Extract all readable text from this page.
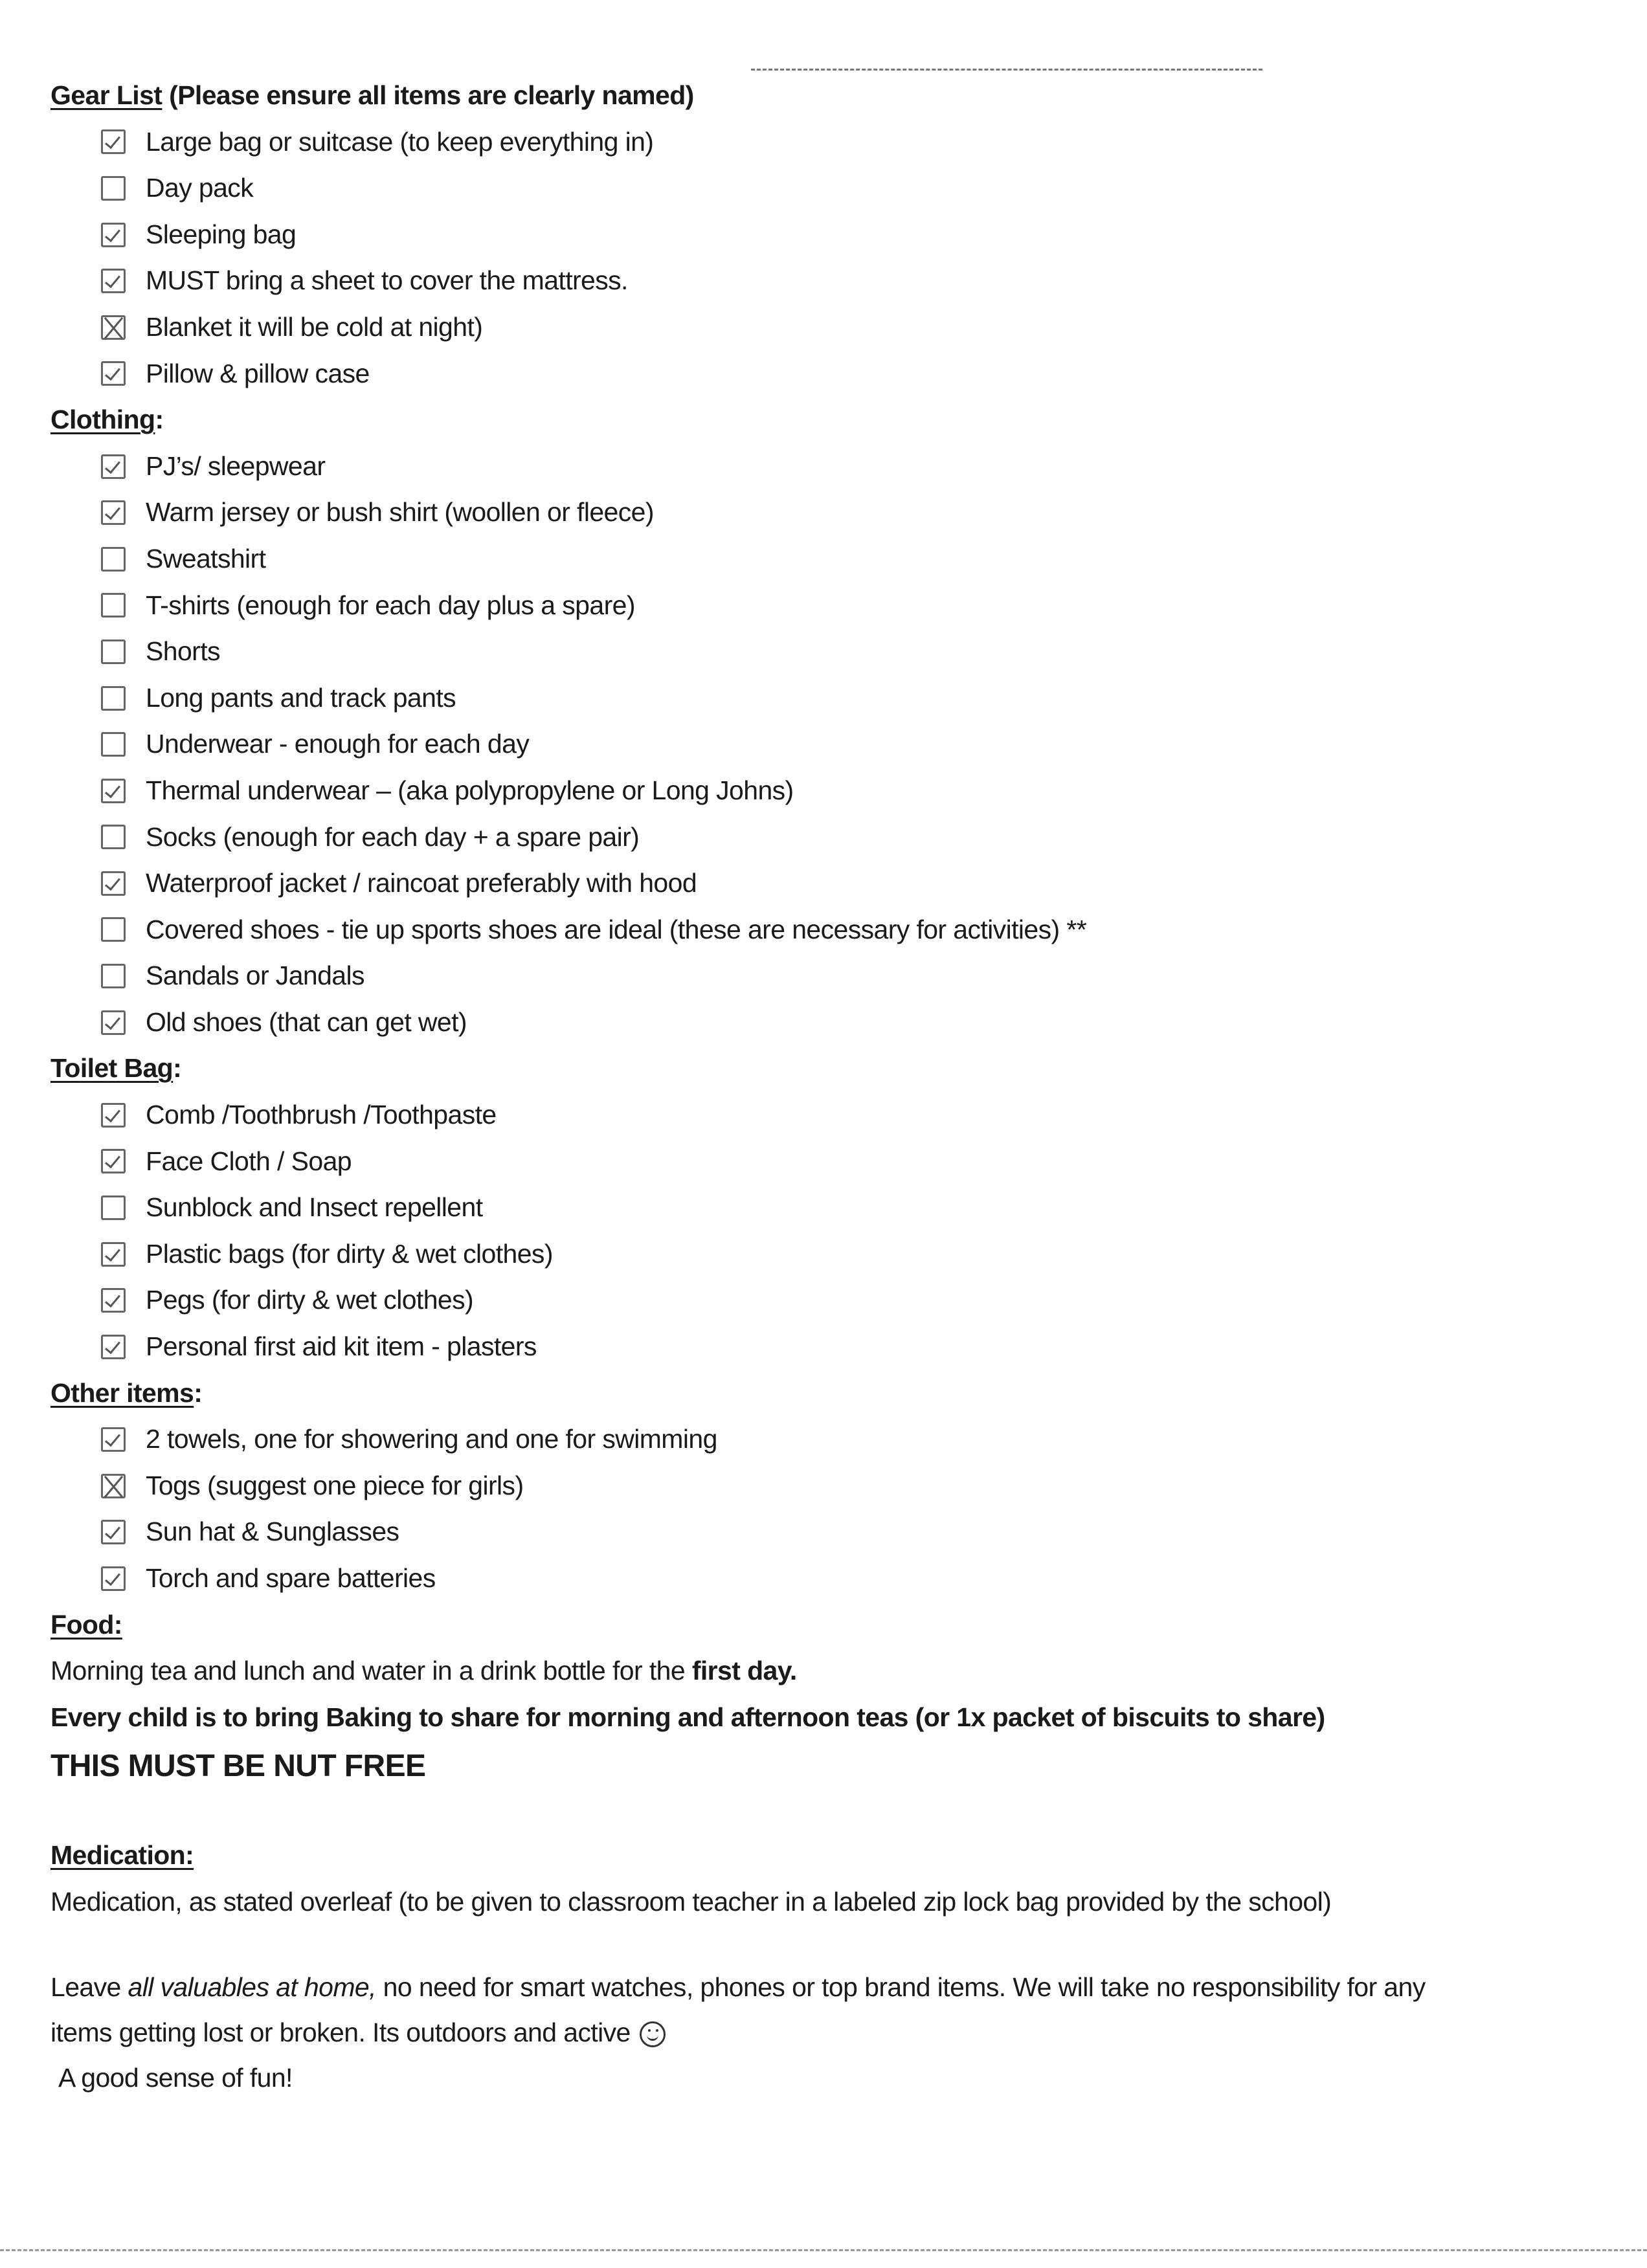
Gear List (Please ensure all items are clearly named)
Large bag or suitcase (to keep everything in)
Day pack
Sleeping bag
MUST bring a sheet to cover the mattress.
Blanket it will be cold at night)
Pillow & pillow case
Clothing:
PJ’s/ sleepwear
Warm jersey or bush shirt (woollen or fleece)
Sweatshirt
T-shirts (enough for each day plus a spare)
Shorts
Long pants and track pants
Underwear - enough for each day
Thermal underwear – (aka polypropylene or Long Johns)
Socks (enough for each day + a spare pair)
Waterproof jacket / raincoat preferably with hood
Covered shoes - tie up sports shoes are ideal (these are necessary for activities) **
Sandals or Jandals
Old shoes (that can get wet)
Toilet Bag:
Comb /Toothbrush /Toothpaste
Face Cloth / Soap
Sunblock and Insect repellent
Plastic bags (for dirty & wet clothes)
Pegs (for dirty & wet clothes)
Personal first aid kit item - plasters
Other items:
2 towels, one for showering and one for swimming
Togs (suggest one piece for girls)
Sun hat & Sunglasses
Torch and spare batteries
Food:
Morning tea and lunch and water in a drink bottle for the first day.
Every child is to bring Baking to share for morning and afternoon teas (or 1x packet of biscuits to share)
THIS MUST BE NUT FREE
Medication:
Medication, as stated overleaf (to be given to classroom teacher in a labeled zip lock bag provided by the school)
Leave all valuables at home, no need for smart watches, phones or top brand items. We will take no responsibility for any items getting lost or broken. Its outdoors and active
A good sense of fun!
